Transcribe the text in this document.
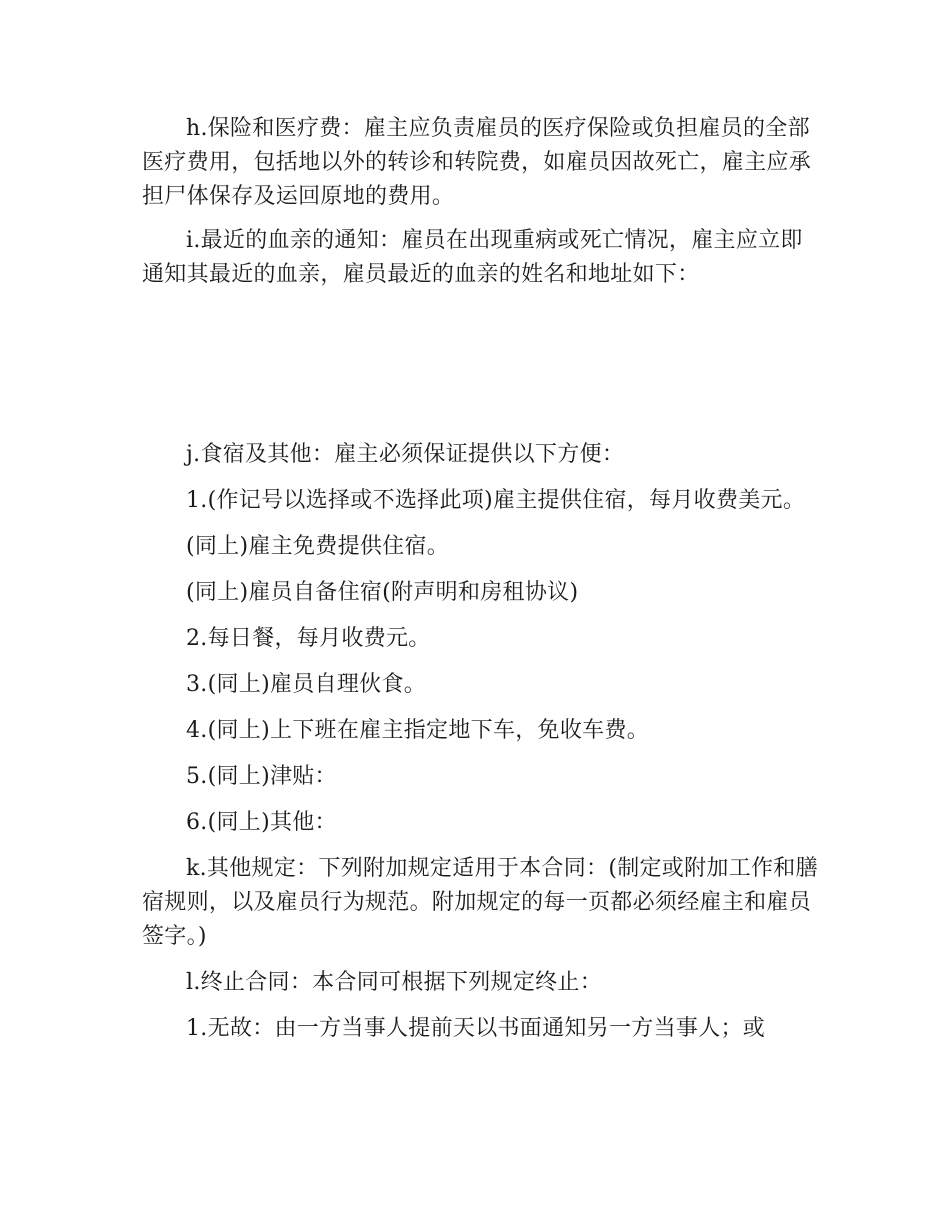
h.保险和医疗费：雇主应负责雇员的医疗保险或负担雇员的全部医疗费用，包括地以外的转诊和转院费，如雇员因故死亡，雇主应承担尸体保存及运回原地的费用。

i.最近的血亲的通知：雇员在出现重病或死亡情况，雇主应立即通知其最近的血亲，雇员最近的血亲的姓名和地址如下：

j.食宿及其他：雇主必须保证提供以下方便：

1.(作记号以选择或不选择此项)雇主提供住宿，每月收费美元。

(同上)雇主免费提供住宿。

(同上)雇员自备住宿(附声明和房租协议)

2.每日餐，每月收费元。

3.(同上)雇员自理伙食。

4.(同上)上下班在雇主指定地下车，免收车费。

5.(同上)津贴：

6.(同上)其他：

k.其他规定：下列附加规定适用于本合同：(制定或附加工作和膳宿规则，以及雇员行为规范。附加规定的每一页都必须经雇主和雇员签字。)

l.终止合同：本合同可根据下列规定终止：

1.无故：由一方当事人提前天以书面通知另一方当事人；或
